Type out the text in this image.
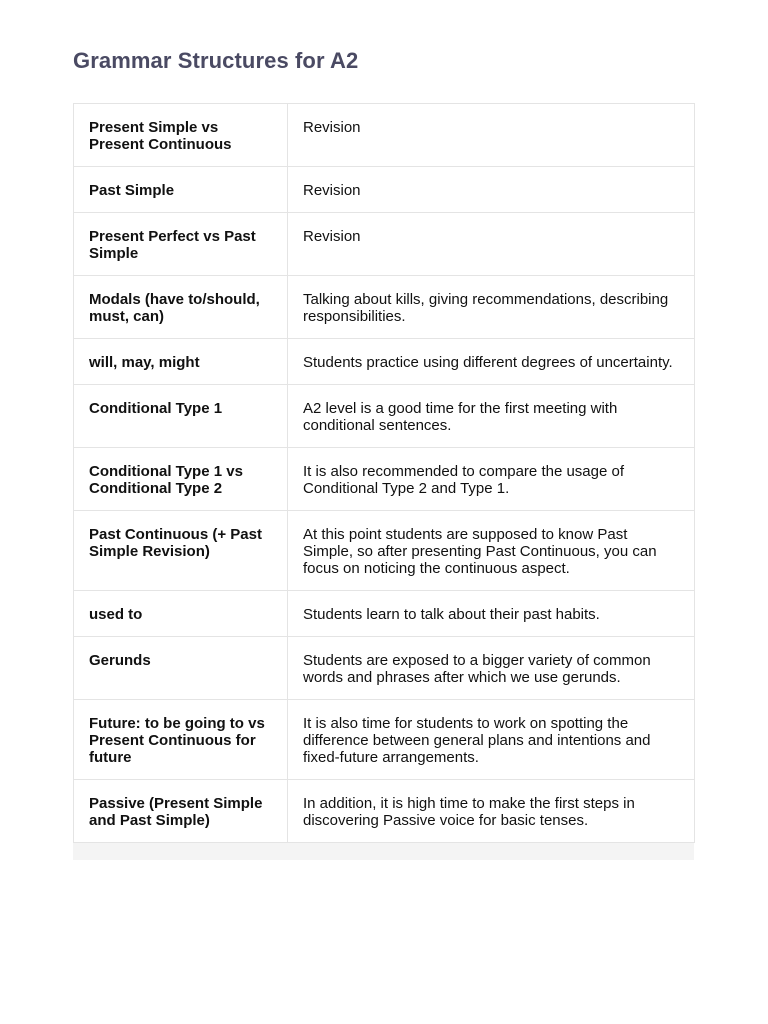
Grammar Structures for A2
Present Simple vs Present Continuous	Revision
Past Simple	Revision
Present Perfect vs Past Simple	Revision
Modals (have to/should, must, can)	Talking about kills, giving recommendations, describing responsibilities.
will, may, might	Students practice using different degrees of uncertainty.
Conditional Type 1	A2 level is a good time for the first meeting with conditional sentences.
Conditional Type 1 vs Conditional Type 2	It is also recommended to compare the usage of Conditional Type 2 and Type 1.
Past Continuous (+ Past Simple Revision)	At this point students are supposed to know Past Simple, so after presenting Past Continuous, you can focus on noticing the continuous aspect.
used to	Students learn to talk about their past habits.
Gerunds	Students are exposed to a bigger variety of common words and phrases after which we use gerunds.
Future: to be going to vs Present Continuous for future	It is also time for students to work on spotting the difference between general plans and intentions and fixed-future arrangements.
Passive (Present Simple and Past Simple)	In addition, it is high time to make the first steps in discovering Passive voice for basic tenses.
